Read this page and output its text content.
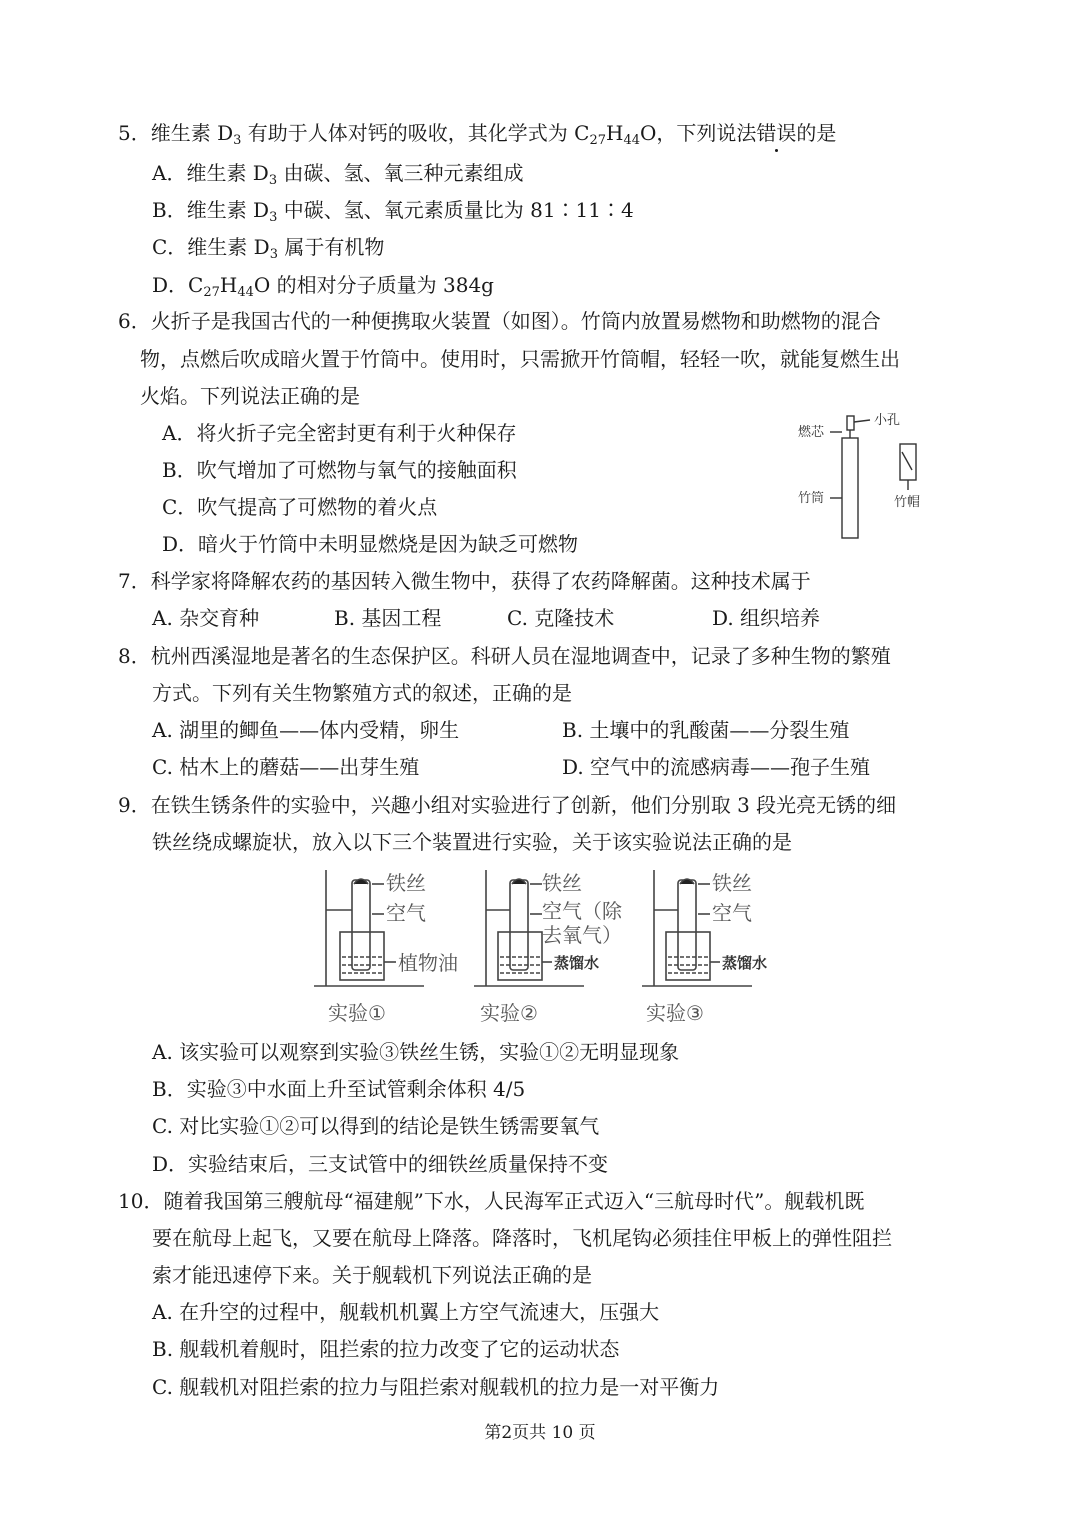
5．维生素 $D_3$ 有助于人体对钙的吸收，其化学式为 $C_{27}H_{44}O$，下列说法错误的是
A．维生素 $D_3$ 由碳、氢、氧三种元素组成
B．维生素 $D_3$ 中碳、氢、氧元素质量比为 81∶11∶4
C．维生素 $D_3$ 属于有机物
D．$C_{27}H_{44}O$ 的相对分子质量为 384g
6．火折子是我国古代的一种便携取火装置（如图）。竹筒内放置易燃物和助燃物的混合
物，点燃后吹成暗火置于竹筒中。使用时，只需掀开竹筒帽，轻轻一吹，就能复燃生出
火焰。下列说法正确的是
A．将火折子完全密封更有利于火种保存
B．吹气增加了可燃物与氧气的接触面积
C．吹气提高了可燃物的着火点
D．暗火于竹筒中未明显燃烧是因为缺乏可燃物
燃芯
小孔
竹筒	竹帽
7．科学家将降解农药的基因转入微生物中，获得了农药降解菌。这种技术属于
A. 杂交育种	B. 基因工程	C. 克隆技术	D. 组织培养
8．杭州西溪湿地是著名的生态保护区。科研人员在湿地调查中，记录了多种生物的繁殖
方式。下列有关生物繁殖方式的叙述，正确的是
A. 湖里的鲫鱼——体内受精，卵生	B. 土壤中的乳酸菌——分裂生殖
C. 枯木上的蘑菇——出芽生殖	D. 空气中的流感病毒——孢子生殖
9．在铁生锈条件的实验中，兴趣小组对实验进行了创新，他们分别取 3 段光亮无锈的细
铁丝绕成螺旋状，放入以下三个装置进行实验，关于该实验说法正确的是
铁丝
空气
植物油
实验①
铁丝
空气（除
去氧气）
蒸馏水
实验②
铁丝
空气
蒸馏水
实验③
A. 该实验可以观察到实验③铁丝生锈，实验①②无明显现象
B．实验③中水面上升至试管剩余体积 4/5
C. 对比实验①②可以得到的结论是铁生锈需要氧气
D．实验结束后，三支试管中的细铁丝质量保持不变
10．随着我国第三艘航母“福建舰”下水，人民海军正式迈入“三航母时代”。舰载机既
要在航母上起飞，又要在航母上降落。降落时，飞机尾钩必须挂住甲板上的弹性阻拦
索才能迅速停下来。关于舰载机下列说法正确的是
A. 在升空的过程中，舰载机机翼上方空气流速大，压强大
B. 舰载机着舰时，阻拦索的拉力改变了它的运动状态
C. 舰载机对阻拦索的拉力与阻拦索对舰载机的拉力是一对平衡力
第2页共 10 页
